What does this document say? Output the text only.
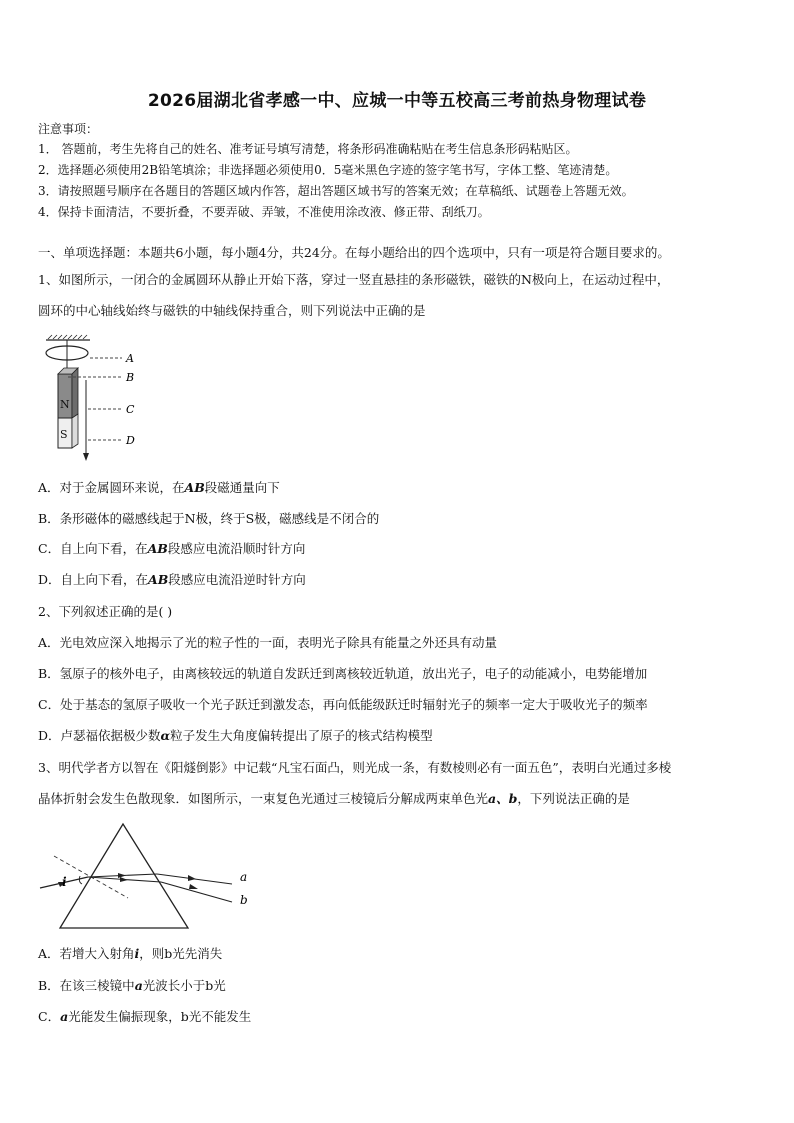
2026届湖北省孝感一中、应城一中等五校高三考前热身物理试卷
注意事项：
1． 答题前，考生先将自己的姓名、准考证号填写清楚，将条形码准确粘贴在考生信息条形码粘贴区。
2．选择题必须使用2B铅笔填涂；非选择题必须使用0．5毫米黑色字迹的签字笔书写，字体工整、笔迹清楚。
3．请按照题号顺序在各题目的答题区域内作答，超出答题区域书写的答案无效；在草稿纸、试题卷上答题无效。
4．保持卡面清洁，不要折叠，不要弄破、弄皱，不准使用涂改液、修正带、刮纸刀。
一、单项选择题：本题共6小题，每小题4分，共24分。在每小题给出的四个选项中，只有一项是符合题目要求的。
1、如图所示，一闭合的金属圆环从静止开始下落，穿过一竖直悬挂的条形磁铁，磁铁的N极向上，在运动过程中，
圆环的中心轴线始终与磁铁的中轴线保持重合，则下列说法中正确的是
N
S
A
B
C
D
A．对于金属圆环来说，在AB段磁通量向下
B．条形磁体的磁感线起于N极，终于S极，磁感线是不闭合的
C．自上向下看，在AB段感应电流沿顺时针方向
D．自上向下看，在AB段感应电流沿逆时针方向
2、下列叙述正确的是( )
A．光电效应深入地揭示了光的粒子性的一面，表明光子除具有能量之外还具有动量
B．氢原子的核外电子，由离核较远的轨道自发跃迁到离核较近轨道，放出光子，电子的动能减小，电势能增加
C．处于基态的氢原子吸收一个光子跃迁到激发态，再向低能级跃迁时辐射光子的频率一定大于吸收光子的频率
D．卢瑟福依据极少数α粒子发生大角度偏转提出了原子的核式结构模型
3、明代学者方以智在《阳燧倒影》中记载“凡宝石面凸，则光成一条，有数棱则必有一面五色”，表明白光通过多棱
晶体折射会发生色散现象．如图所示，一束复色光通过三棱镜后分解成两束单色光a、b，下列说法正确的是
i	a
b
A．若增大入射角i，则b光先消失
B．在该三棱镜中a光波长小于b光
C．a光能发生偏振现象，b光不能发生
